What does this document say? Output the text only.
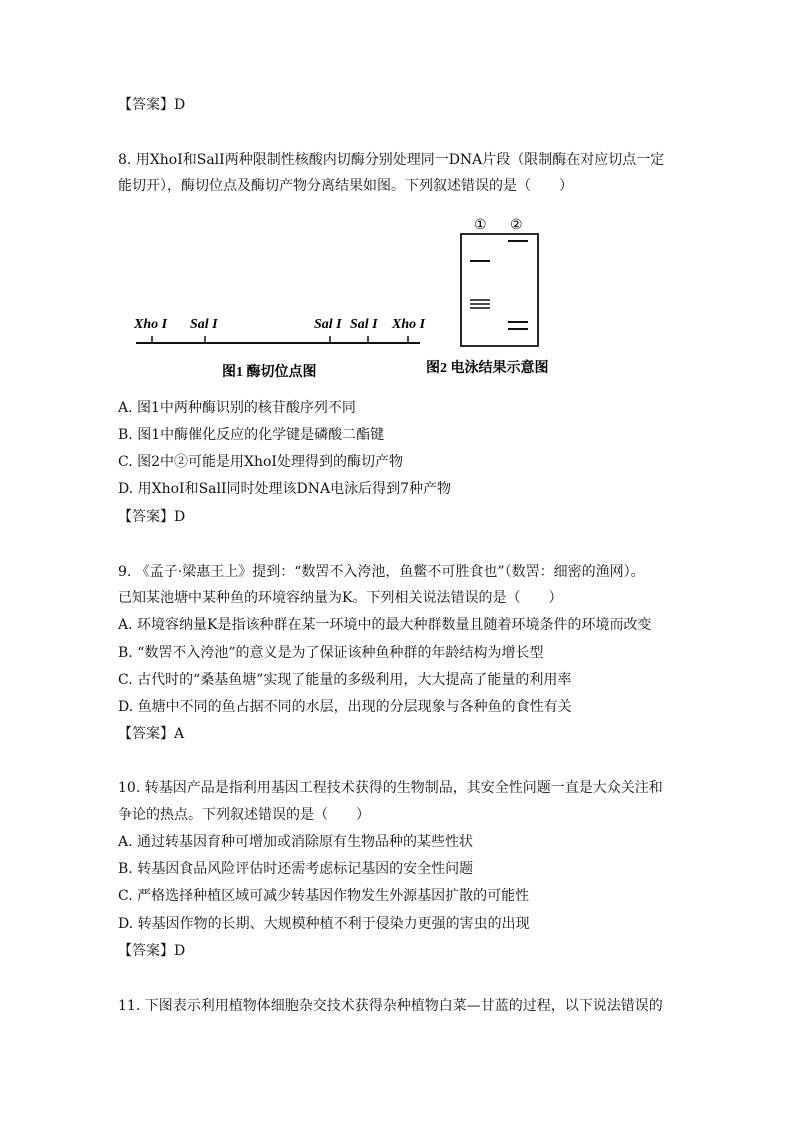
【答案】D
8. 用XhoI和SalI两种限制性核酸内切酶分别处理同一DNA片段（限制酶在对应切点一定
能切开），酶切位点及酶切产物分离结果如图。下列叙述错误的是（　　）
Xho I Sal I	Sal I Sal I Xho I
图1 酶切位点图
① ②
图2 电泳结果示意图
A. 图1中两种酶识别的核苷酸序列不同
B. 图1中酶催化反应的化学键是磷酸二酯键
C. 图2中②可能是用XhoI处理得到的酶切产物
D. 用XhoI和SalI同时处理该DNA电泳后得到7种产物
【答案】D
9. 《孟子·梁惠王上》提到：“数罟不入洿池，鱼鳖不可胜食也”（数罟：细密的渔网）。
已知某池塘中某种鱼的环境容纳量为K。下列相关说法错误的是（　　）
A. 环境容纳量K是指该种群在某一环境中的最大种群数量且随着环境条件的环境而改变
B. “数罟不入洿池”的意义是为了保证该种鱼种群的年龄结构为增长型
C. 古代时的“桑基鱼塘”实现了能量的多级利用，大大提高了能量的利用率
D. 鱼塘中不同的鱼占据不同的水层，出现的分层现象与各种鱼的食性有关
【答案】A
10. 转基因产品是指利用基因工程技术获得的生物制品，其安全性问题一直是大众关注和
争论的热点。下列叙述错误的是（　　）
A. 通过转基因育种可增加或消除原有生物品种的某些性状
B. 转基因食品风险评估时还需考虑标记基因的安全性问题
C. 严格选择种植区域可减少转基因作物发生外源基因扩散的可能性
D. 转基因作物的长期、大规模种植不利于侵染力更强的害虫的出现
【答案】D
11. 下图表示利用植物体细胞杂交技术获得杂种植物白菜—甘蓝的过程，以下说法错误的
